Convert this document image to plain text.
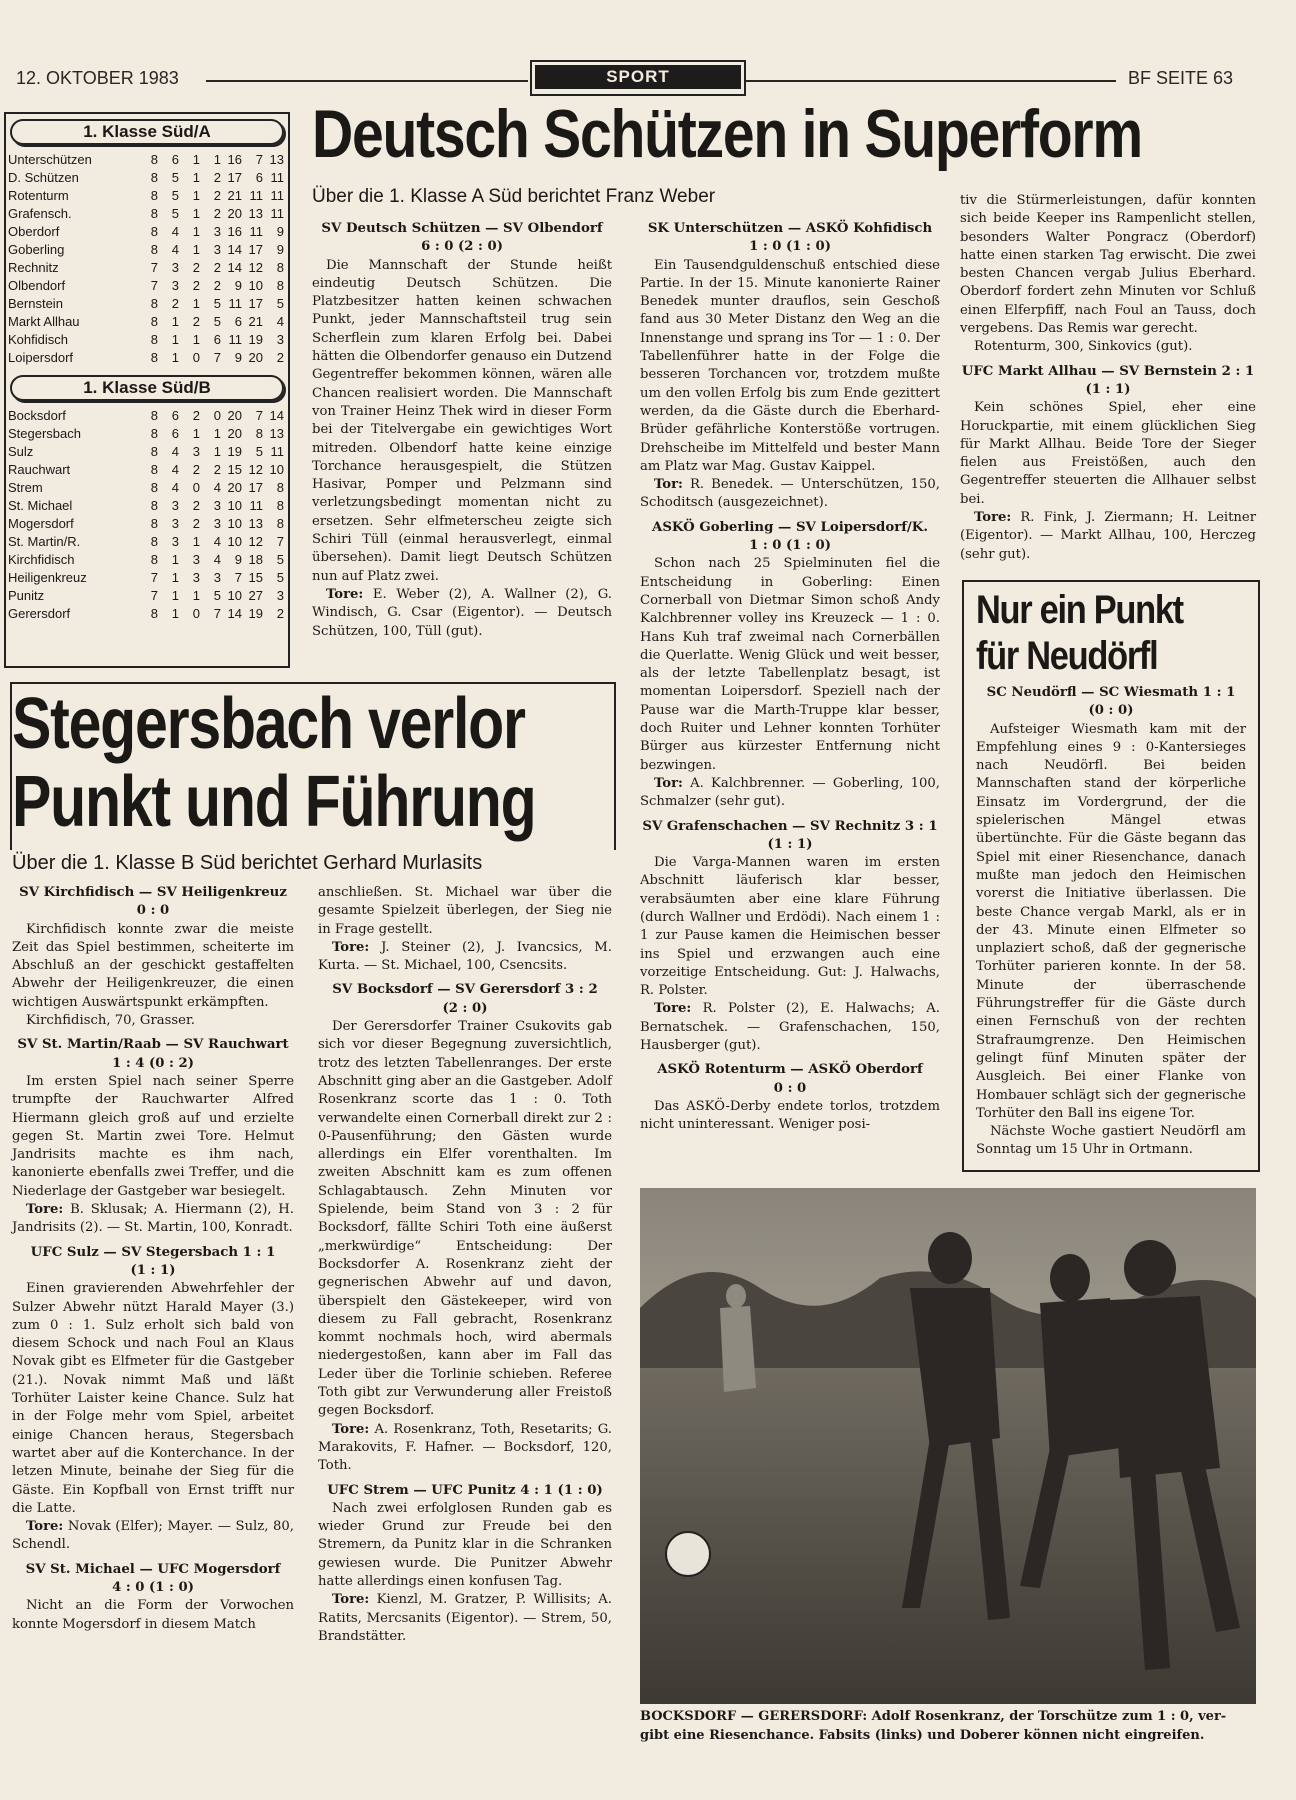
12. OKTOBER 1983	SPORT	BF SEITE 63
1. Klasse Süd/A
Unterschützen	8	6	1	1	16	7	13
D. Schützen	8	5	1	2	17	6	11
Rotenturm	8	5	1	2	21	11	11
Grafensch.	8	5	1	2	20	13	11
Oberdorf	8	4	1	3	16	11	9
Goberling	8	4	1	3	14	17	9
Rechnitz	7	3	2	2	14	12	8
Olbendorf	7	3	2	2	9	10	8
Bernstein	8	2	1	5	11	17	5
Markt Allhau	8	1	2	5	6	21	4
Kohfidisch	8	1	1	6	11	19	3
Loipersdorf	8	1	0	7	9	20	2
1. Klasse Süd/B
Bocksdorf	8	6	2	0	20	7	14
Stegersbach	8	6	1	1	20	8	13
Sulz	8	4	3	1	19	5	11
Rauchwart	8	4	2	2	15	12	10
Strem	8	4	0	4	20	17	8
St. Michael	8	3	2	3	10	11	8
Mogersdorf	8	3	2	3	10	13	8
St. Martin/R.	8	3	1	4	10	12	7
Kirchfidisch	8	1	3	4	9	18	5
Heiligenkreuz	7	1	3	3	7	15	5
Punitz	7	1	1	5	10	27	3
Gerersdorf	8	1	0	7	14	19	2
Deutsch Schützen in Superform
Über die 1. Klasse A Süd berichtet Franz Weber

SV Deutsch Schützen — SV Olbendorf

6 : 0 (2 : 0)

Die Mannschaft der Stunde heißt eindeutig Deutsch Schützen. Die Platzbesitzer hatten keinen schwachen Punkt, jeder Mannschaftsteil trug sein Scherflein zum klaren Erfolg bei. Dabei hätten die Olbendorfer genauso ein Dutzend Gegentreffer bekommen können, wären alle Chancen realisiert worden. Die Mannschaft von Trainer Heinz Thek wird in dieser Form bei der Titelvergabe ein gewichtiges Wort mitreden. Olbendorf hatte keine einzige Torchance herausgespielt, die Stützen Hasivar, Pomper und Pelzmann sind verletzungsbedingt momentan nicht zu ersetzen. Sehr elfmeterscheu zeigte sich Schiri Tüll (einmal herausverlegt, einmal übersehen). Damit liegt Deutsch Schützen nun auf Platz zwei.

Tore: E. Weber (2), A. Wallner (2), G. Windisch, G. Csar (Eigentor). — Deutsch Schützen, 100, Tüll (gut).

SK Unterschützen — ASKÖ Kohfidisch

1 : 0 (1 : 0)

Ein Tausendguldenschuß entschied diese Partie. In der 15. Minute kanonierte Rainer Benedek munter drauflos, sein Geschoß fand aus 30 Meter Distanz den Weg an die Innenstange und sprang ins Tor — 1 : 0. Der Tabellenführer hatte in der Folge die besseren Torchancen vor, trotzdem mußte um den vollen Erfolg bis zum Ende gezittert werden, da die Gäste durch die Eberhard-Brüder gefährliche Konterstöße vortrugen. Drehscheibe im Mittelfeld und bester Mann am Platz war Mag. Gustav Kaippel.

Tor: R. Benedek. — Unterschützen, 150, Schoditsch (ausgezeichnet).

ASKÖ Goberling — SV Loipersdorf/K.

1 : 0 (1 : 0)

Schon nach 25 Spielminuten fiel die Entscheidung in Goberling: Einen Cornerball von Dietmar Simon schoß Andy Kalchbrenner volley ins Kreuzeck — 1 : 0. Hans Kuh traf zweimal nach Cornerbällen die Querlatte. Wenig Glück und weit besser, als der letzte Tabellenplatz besagt, ist momentan Loipersdorf. Speziell nach der Pause war die Marth-Truppe klar besser, doch Ruiter und Lehner konnten Torhüter Bürger aus kürzester Entfernung nicht bezwingen.

Tor: A. Kalchbrenner. — Goberling, 100, Schmalzer (sehr gut).

SV Grafenschachen — SV Rechnitz 3 : 1

(1 : 1)

Die Varga-Mannen waren im ersten Abschnitt läuferisch klar besser, verabsäumten aber eine klare Führung (durch Wallner und Erdödi). Nach einem 1 : 1 zur Pause kamen die Heimischen besser ins Spiel und erzwangen auch eine vorzeitige Entscheidung. Gut: J. Halwachs, R. Polster.

Tore: R. Polster (2), E. Halwachs; A. Bernatschek. — Grafenschachen, 150, Hausberger (gut).

ASKÖ Rotenturm — ASKÖ Oberdorf

0 : 0

Das ASKÖ-Derby endete torlos, trotzdem nicht uninteressant. Weniger posi-

tiv die Stürmerleistungen, dafür konnten sich beide Keeper ins Rampenlicht stellen, besonders Walter Pongracz (Oberdorf) hatte einen starken Tag erwischt. Die zwei besten Chancen vergab Julius Eberhard. Oberdorf fordert zehn Minuten vor Schluß einen Elferpfiff, nach Foul an Tauss, doch vergebens. Das Remis war gerecht.

Rotenturm, 300, Sinkovics (gut).

UFC Markt Allhau — SV Bernstein 2 : 1

(1 : 1)

Kein schönes Spiel, eher eine Horuckpartie, mit einem glücklichen Sieg für Markt Allhau. Beide Tore der Sieger fielen aus Freistößen, auch den Gegentreffer steuerten die Allhauer selbst bei.

Tore: R. Fink, J. Ziermann; H. Leitner (Eigentor). — Markt Allhau, 100, Herczeg (sehr gut).

Nur ein Punkt
für Neudörfl

SC Neudörfl — SC Wiesmath 1 : 1

(0 : 0)

Aufsteiger Wiesmath kam mit der Empfehlung eines 9 : 0-Kantersieges nach Neudörfl. Bei beiden Mannschaften stand der körperliche Einsatz im Vordergrund, der die spielerischen Mängel etwas übertünchte. Für die Gäste begann das Spiel mit einer Riesenchance, danach mußte man jedoch den Heimischen vorerst die Initiative überlassen. Die beste Chance vergab Markl, als er in der 43. Minute einen Elfmeter so unplaziert schoß, daß der gegnerische Torhüter parieren konnte. In der 58. Minute der überraschende Führungstreffer für die Gäste durch einen Fernschuß von der rechten Strafraumgrenze. Den Heimischen gelingt fünf Minuten später der Ausgleich. Bei einer Flanke von Hombauer schlägt sich der gegnerische Torhüter den Ball ins eigene Tor.

Nächste Woche gastiert Neudörfl am Sonntag um 15 Uhr in Ortmann.

Stegersbach verlor
Punkt und Führung
Über die 1. Klasse B Süd berichtet Gerhard Murlasits

SV Kirchfidisch — SV Heiligenkreuz

0 : 0

Kirchfidisch konnte zwar die meiste Zeit das Spiel bestimmen, scheiterte im Abschluß an der geschickt gestaffelten Abwehr der Heiligenkreuzer, die einen wichtigen Auswärtspunkt erkämpften.

Kirchfidisch, 70, Grasser.

SV St. Martin/Raab — SV Rauchwart

1 : 4 (0 : 2)

Im ersten Spiel nach seiner Sperre trumpfte der Rauchwarter Alfred Hiermann gleich groß auf und erzielte gegen St. Martin zwei Tore. Helmut Jandrisits machte es ihm nach, kanonierte ebenfalls zwei Treffer, und die Niederlage der Gastgeber war besiegelt.

Tore: B. Sklusak; A. Hiermann (2), H. Jandrisits (2). — St. Martin, 100, Konradt.

UFC Sulz — SV Stegersbach 1 : 1

(1 : 1)

Einen gravierenden Abwehrfehler der Sulzer Abwehr nützt Harald Mayer (3.) zum 0 : 1. Sulz erholt sich bald von diesem Schock und nach Foul an Klaus Novak gibt es Elfmeter für die Gastgeber (21.). Novak nimmt Maß und läßt Torhüter Laister keine Chance. Sulz hat in der Folge mehr vom Spiel, arbeitet einige Chancen heraus, Stegersbach wartet aber auf die Konterchance. In der letzen Minute, beinahe der Sieg für die Gäste. Ein Kopfball von Ernst trifft nur die Latte.

Tore: Novak (Elfer); Mayer. — Sulz, 80, Schendl.

SV St. Michael — UFC Mogersdorf

4 : 0 (1 : 0)

Nicht an die Form der Vorwochen konnte Mogersdorf in diesem Match

anschließen. St. Michael war über die gesamte Spielzeit überlegen, der Sieg nie in Frage gestellt.

Tore: J. Steiner (2), J. Ivancsics, M. Kurta. — St. Michael, 100, Csencsits.

SV Bocksdorf — SV Gerersdorf 3 : 2

(2 : 0)

Der Gerersdorfer Trainer Csukovits gab sich vor dieser Begegnung zuversichtlich, trotz des letzten Tabellenranges. Der erste Abschnitt ging aber an die Gastgeber. Adolf Rosenkranz scorte das 1 : 0. Toth verwandelte einen Cornerball direkt zur 2 : 0-Pausenführung; den Gästen wurde allerdings ein Elfer vorenthalten. Im zweiten Abschnitt kam es zum offenen Schlagabtausch. Zehn Minuten vor Spielende, beim Stand von 3 : 2 für Bocksdorf, fällte Schiri Toth eine äußerst „merkwürdige“ Entscheidung: Der Bocksdorfer A. Rosenkranz zieht der gegnerischen Abwehr auf und davon, überspielt den Gästekeeper, wird von diesem zu Fall gebracht, Rosenkranz kommt nochmals hoch, wird abermals niedergestoßen, kann aber im Fall das Leder über die Torlinie schieben. Referee Toth gibt zur Verwunderung aller Freistoß gegen Bocksdorf.

Tore: A. Rosenkranz, Toth, Resetarits; G. Marakovits, F. Hafner. — Bocksdorf, 120, Toth.

UFC Strem — UFC Punitz 4 : 1 (1 : 0)

Nach zwei erfolglosen Runden gab es wieder Grund zur Freude bei den Stremern, da Punitz klar in die Schranken gewiesen wurde. Die Punitzer Abwehr hatte allerdings einen konfusen Tag.

Tore: Kienzl, M. Gratzer, P. Willisits; A. Ratits, Mercsanits (Eigentor). — Strem, 50, Brandstätter.

BOCKSDORF — GERERSDORF: Adolf Rosenkranz, der Torschütze zum 1 : 0, ver-
gibt eine Riesenchance. Fabsits (links) und Doberer können nicht eingreifen.
